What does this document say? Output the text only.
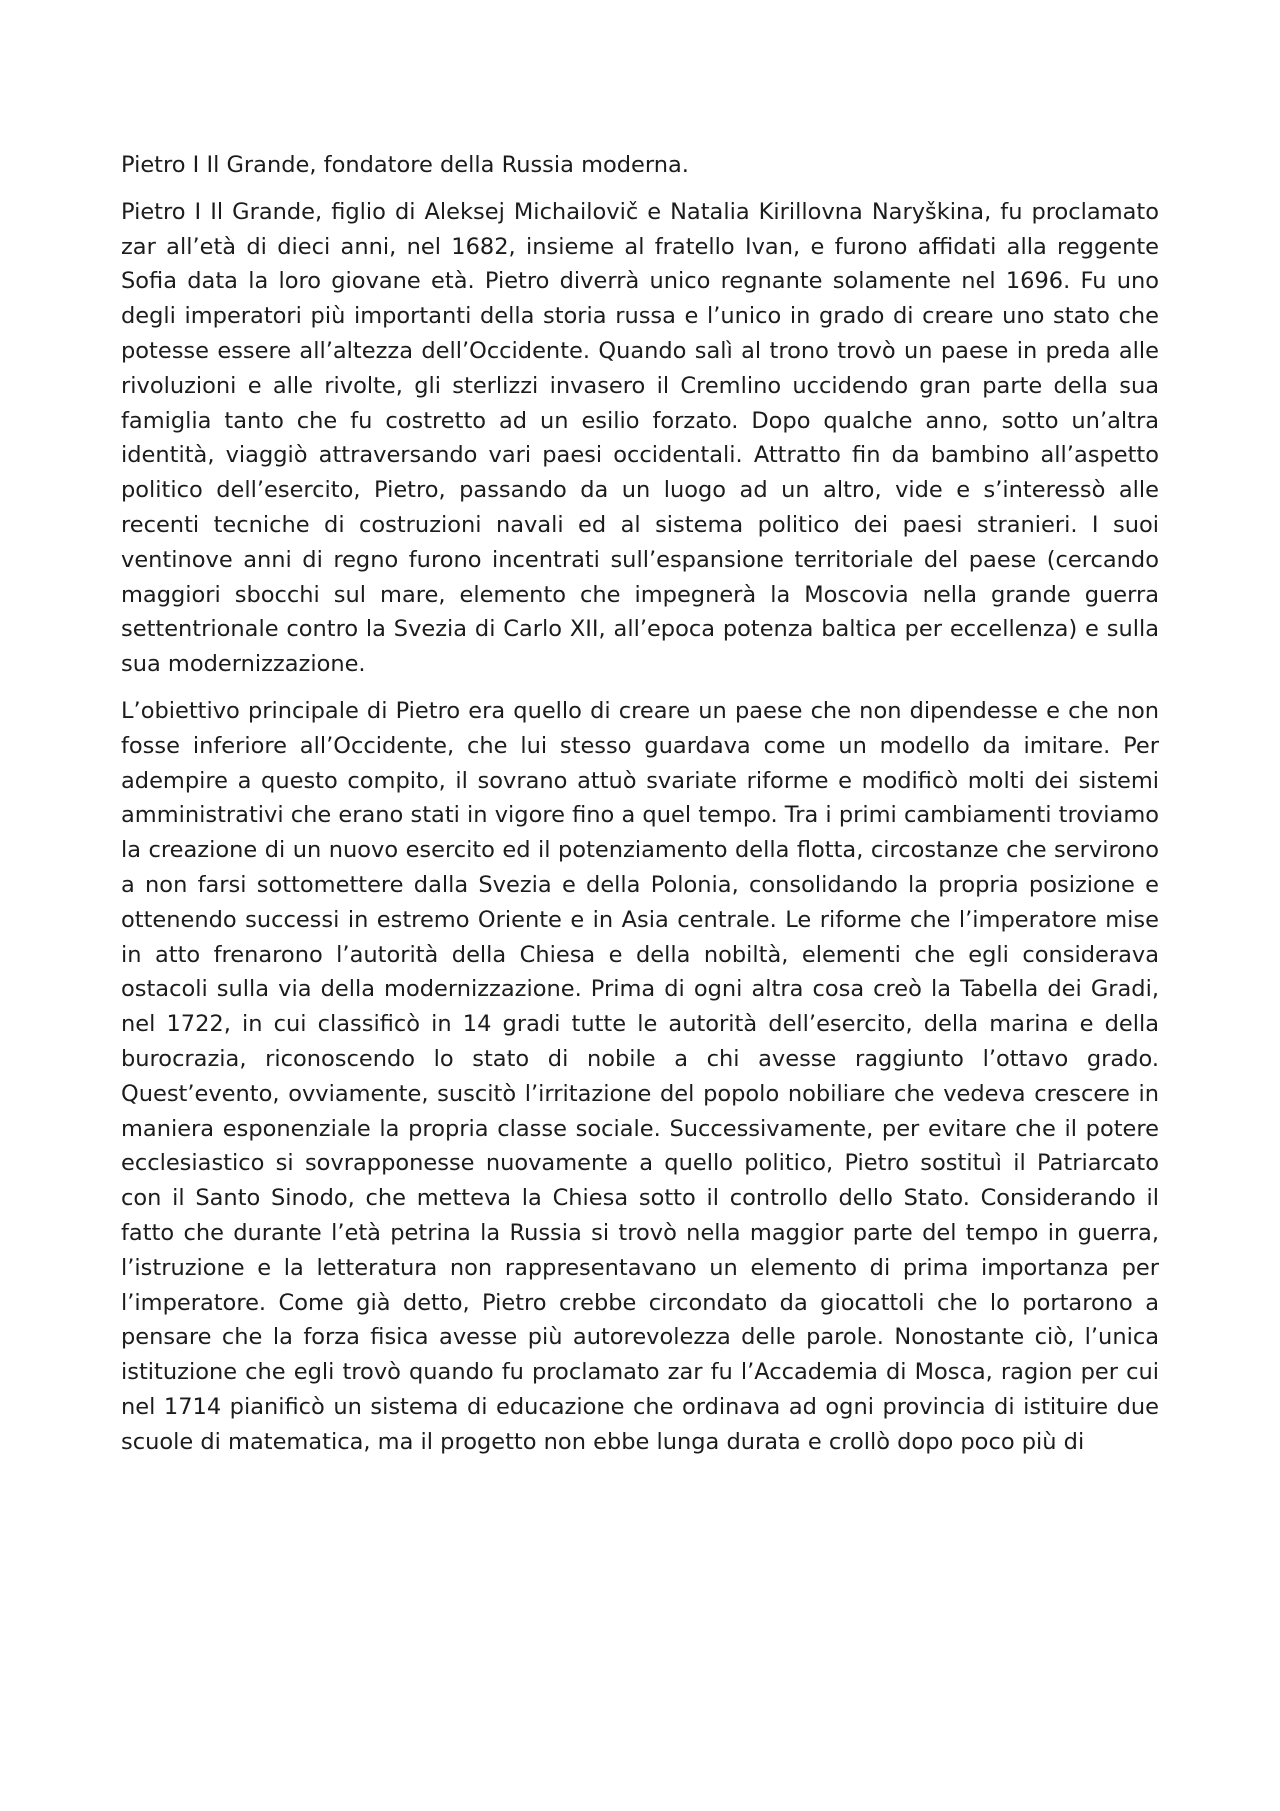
Pietro I Il Grande, fondatore della Russia moderna.

Pietro I Il Grande, figlio di Aleksej Michailovič e Natalia Kirillovna Naryškina, fu proclamato zar all’età di dieci anni, nel 1682, insieme al fratello Ivan, e furono affidati alla reggente Sofia data la loro giovane età. Pietro diverrà unico regnante solamente nel 1696. Fu uno degli imperatori più importanti della storia russa e l’unico in grado di creare uno stato che potesse essere all’altezza dell’Occidente. Quando salì al trono trovò un paese in preda alle rivoluzioni e alle rivolte, gli sterlizzi invasero il Cremlino uccidendo gran parte della sua famiglia tanto che fu costretto ad un esilio forzato. Dopo qualche anno, sotto un’altra identità, viaggiò attraversando vari paesi occidentali. Attratto fin da bambino all’aspetto politico dell’esercito, Pietro, passando da un luogo ad un altro, vide e s’interessò alle recenti tecniche di costruzioni navali ed al sistema politico dei paesi stranieri. I suoi ventinove anni di regno furono incentrati sull’espansione territoriale del paese (cercando maggiori sbocchi sul mare, elemento che impegnerà la Moscovia nella grande guerra settentrionale contro la Svezia di Carlo XII, all’epoca potenza baltica per eccellenza) e sulla sua modernizzazione.

L’obiettivo principale di Pietro era quello di creare un paese che non dipendesse e che non fosse inferiore all’Occidente, che lui stesso guardava come un modello da imitare. Per adempire a questo compito, il sovrano attuò svariate riforme e modificò molti dei sistemi amministrativi che erano stati in vigore fino a quel tempo. Tra i primi cambiamenti troviamo la creazione di un nuovo esercito ed il potenziamento della flotta, circostanze che servirono a non farsi sottomettere dalla Svezia e della Polonia, consolidando la propria posizione e ottenendo successi in estremo Oriente e in Asia centrale. Le riforme che l’imperatore mise in atto frenarono l’autorità della Chiesa e della nobiltà, elementi che egli considerava ostacoli sulla via della modernizzazione. Prima di ogni altra cosa creò la Tabella dei Gradi, nel 1722, in cui classificò in 14 gradi tutte le autorità dell’esercito, della marina e della burocrazia, riconoscendo lo stato di nobile a chi avesse raggiunto l’ottavo grado. Quest’evento, ovviamente, suscitò l’irritazione del popolo nobiliare che vedeva crescere in maniera esponenziale la propria classe sociale. Successivamente, per evitare che il potere ecclesiastico si sovrapponesse nuovamente a quello politico, Pietro sostituì il Patriarcato con il Santo Sinodo, che metteva la Chiesa sotto il controllo dello Stato. Considerando il fatto che durante l’età petrina la Russia si trovò nella maggior parte del tempo in guerra, l’istruzione e la letteratura non rappresentavano un elemento di prima importanza per l’imperatore. Come già detto, Pietro crebbe circondato da giocattoli che lo portarono a pensare che la forza fisica avesse più autorevolezza delle parole. Nonostante ciò, l’unica istituzione che egli trovò quando fu proclamato zar fu l’Accademia di Mosca, ragion per cui nel 1714 pianificò un sistema di educazione che ordinava ad ogni provincia di istituire due scuole di matematica, ma il progetto non ebbe lunga durata e crollò dopo poco più di
